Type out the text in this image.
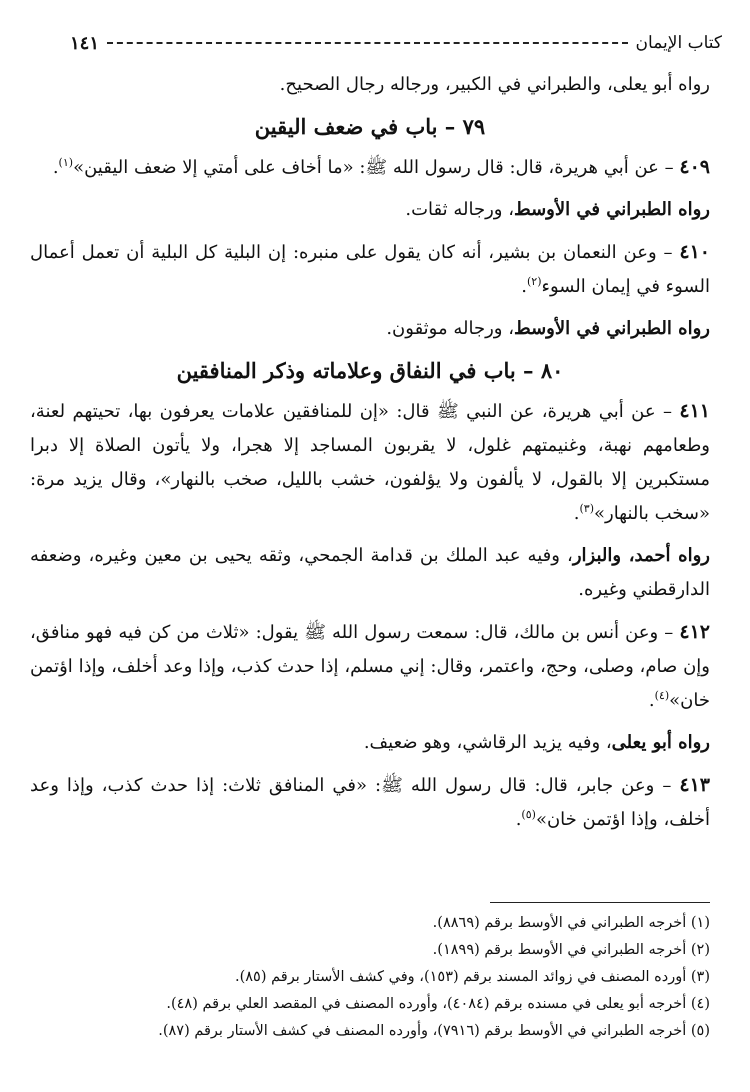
كتاب الإيمان
١٤١

رواه أبو يعلى، والطبراني في الكبير، ورجاله رجال الصحيح.

٧٩ – باب في ضعف اليقين

٤٠٩ – عن أبي هريرة، قال: قال رسول الله ﷺ: «ما أخاف على أمتي إلا ضعف اليقين»$^{(١)}$.

رواه الطبراني في الأوسط، ورجاله ثقات.

٤١٠ – وعن النعمان بن بشير، أنه كان يقول على منبره: إن البلية كل البلية أن تعمل أعمال السوء في إيمان السوء$^{(٢)}$.

رواه الطبراني في الأوسط، ورجاله موثقون.

٨٠ – باب في النفاق وعلاماته وذكر المنافقين

٤١١ – عن أبي هريرة، عن النبي ﷺ قال: «إن للمنافقين علامات يعرفون بها، تحيتهم لعنة، وطعامهم نهبة، وغنيمتهم غلول، لا يقربون المساجد إلا هجرا، ولا يأتون الصلاة إلا دبرا مستكبرين إلا بالقول، لا يألفون ولا يؤلفون، خشب بالليل، صخب بالنهار»، وقال يزيد مرة: «سخب بالنهار»$^{(٣)}$.

رواه أحمد، والبزار، وفيه عبد الملك بن قدامة الجمحي، وثقه يحيى بن معين وغيره، وضعفه الدارقطني وغيره.

٤١٢ – وعن أنس بن مالك، قال: سمعت رسول الله ﷺ يقول: «ثلاث من كن فيه فهو منافق، وإن صام، وصلى، وحج، واعتمر، وقال: إني مسلم، إذا حدث كذب، وإذا وعد أخلف، وإذا اؤتمن خان»$^{(٤)}$.

رواه أبو يعلى، وفيه يزيد الرقاشي، وهو ضعيف.

٤١٣ – وعن جابر، قال: قال رسول الله ﷺ: «في المنافق ثلاث: إذا حدث كذب، وإذا وعد أخلف، وإذا اؤتمن خان»$^{(٥)}$.

(١) أخرجه الطبراني في الأوسط برقم (٨٨٦٩).

(٢) أخرجه الطبراني في الأوسط برقم (١٨٩٩).

(٣) أورده المصنف في زوائد المسند برقم (١٥٣)، وفي كشف الأستار برقم (٨٥).

(٤) أخرجه أبو يعلى في مسنده برقم (٤٠٨٤)، وأورده المصنف في المقصد العلي برقم (٤٨).

(٥) أخرجه الطبراني في الأوسط برقم (٧٩١٦)، وأورده المصنف في كشف الأستار برقم (٨٧).
